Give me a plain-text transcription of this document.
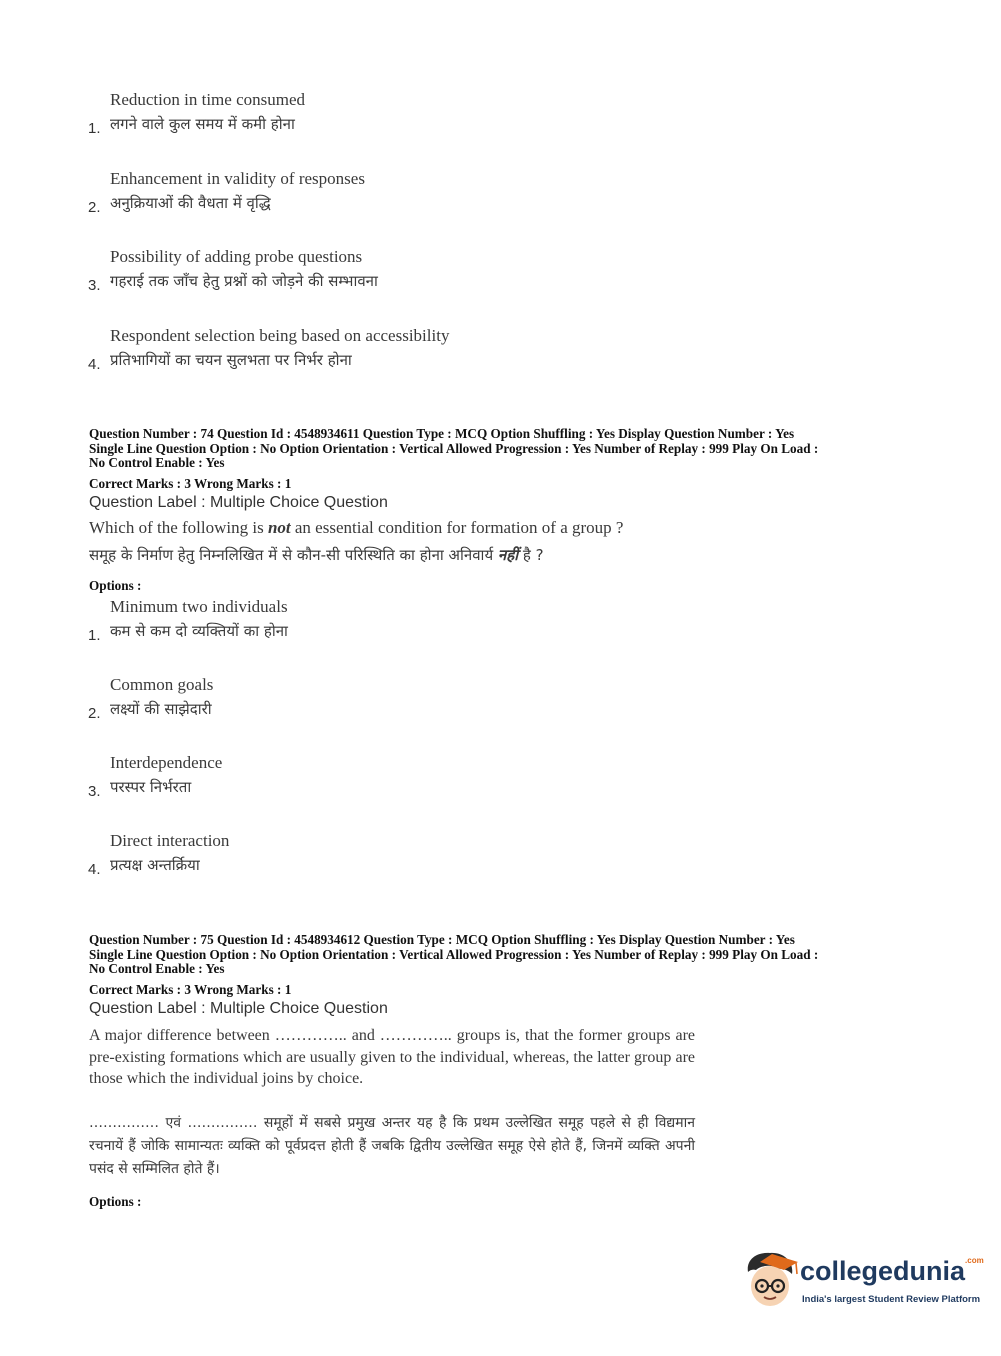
Reduction in time consumed
लगने वाले कुल समय में कमी होना
1.
Enhancement in validity of responses
अनुक्रियाओं की वैधता में वृद्धि
2.
Possibility of adding probe questions
गहराई तक जाँच हेतु प्रश्नों को जोड़ने की सम्भावना
3.
Respondent selection being based on accessibility
प्रतिभागियों का चयन सुलभता पर निर्भर होना
4.
Question Number : 74 Question Id : 4548934611 Question Type : MCQ Option Shuffling : Yes Display Question Number : Yes
Single Line Question Option : No Option Orientation : Vertical Allowed Progression : Yes Number of Replay : 999 Play On Load :
No Control Enable : Yes
Correct Marks : 3 Wrong Marks : 1
Question Label : Multiple Choice Question
Which of the following is not an essential condition for formation of a group ?
समूह के निर्माण हेतु निम्नलिखित में से कौन-सी परिस्थिति का होना अनिवार्य नहीं है ?
Options :
Minimum two individuals
कम से कम दो व्यक्तियों का होना
1.
Common goals
लक्ष्यों की साझेदारी
2.
Interdependence
परस्पर निर्भरता
3.
Direct interaction
प्रत्यक्ष अन्तर्क्रिया
4.
Question Number : 75 Question Id : 4548934612 Question Type : MCQ Option Shuffling : Yes Display Question Number : Yes
Single Line Question Option : No Option Orientation : Vertical Allowed Progression : Yes Number of Replay : 999 Play On Load :
No Control Enable : Yes
Correct Marks : 3 Wrong Marks : 1
Question Label : Multiple Choice Question
A major difference between ………….. and ………….. groups is, that the former groups are pre-existing formations which are usually given to the individual, whereas, the latter group are those which the individual joins by choice.
…………… एवं …………… समूहों में सबसे प्रमुख अन्तर यह है कि प्रथम उल्लेखित समूह पहले से ही विद्यमान रचनायें हैं जोकि सामान्यतः व्यक्ति को पूर्वप्रदत्त होती हैं जबकि द्वितीय उल्लेखित समूह ऐसे होते हैं, जिनमें व्यक्ति अपनी पसंद से सम्मिलित होते हैं।
Options :
collegedunia$^{.com}$
India's largest Student Review Platform
